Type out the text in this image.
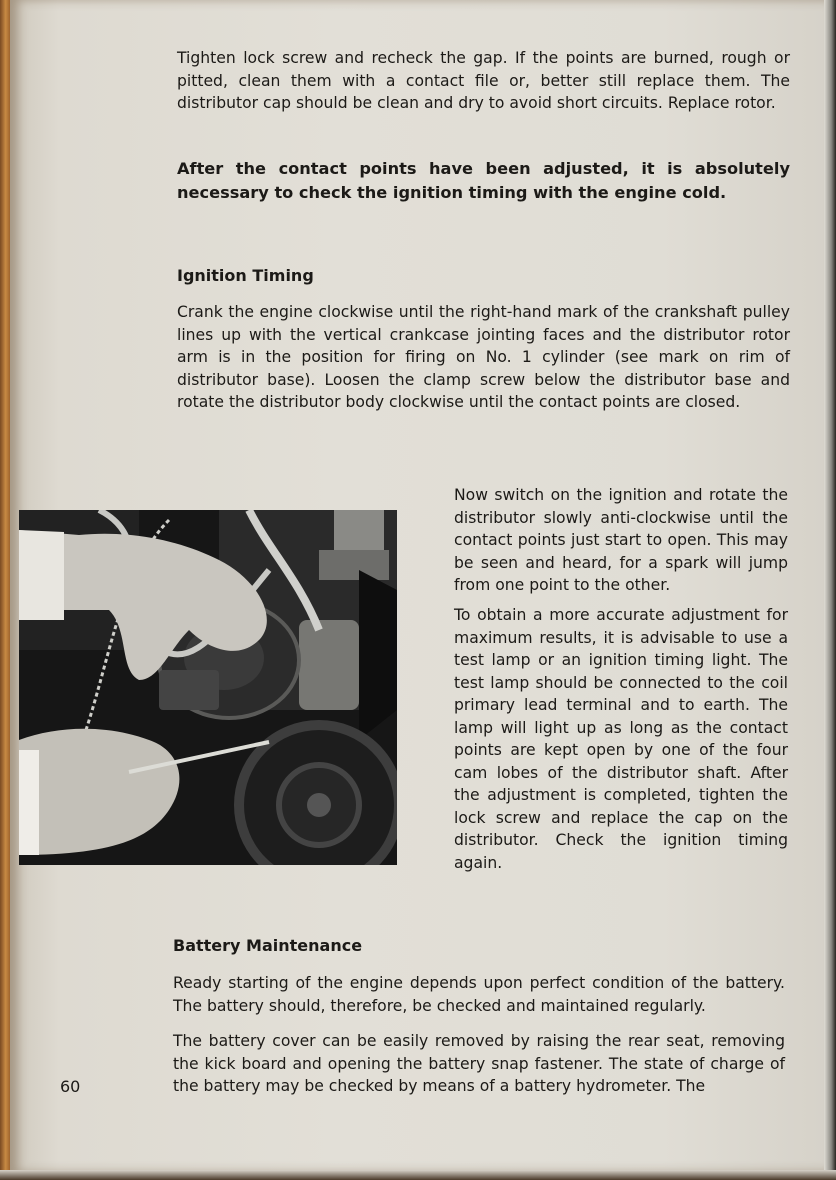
Tighten lock screw and recheck the gap. If the points are burned, rough or pitted, clean them with a contact file or, better still replace them. The distributor cap should be clean and dry to avoid short circuits. Replace rotor.

After the contact points have been adjusted, it is absolutely necessary to check the ignition timing with the engine cold.

Ignition Timing

Crank the engine clockwise until the right-hand mark of the crankshaft pulley lines up with the vertical crankcase jointing faces and the distributor rotor arm is in the position for firing on No. 1 cylinder (see mark on rim of distributor base). Loosen the clamp screw below the distributor base and rotate the distributor body clockwise until the contact points are closed.

Now switch on the ignition and rotate the distributor slowly anti-clockwise until the contact points just start to open. This may be seen and heard, for a spark will jump from one point to the other.

To obtain a more accurate adjustment for maximum results, it is advisable to use a test lamp or an ignition timing light. The test lamp should be connected to the coil primary lead terminal and to earth. The lamp will light up as long as the contact points are kept open by one of the four cam lobes of the distributor shaft. After the adjustment is completed, tighten the lock screw and replace the cap on the distributor. Check the ignition timing again.

Battery Maintenance

Ready starting of the engine depends upon perfect condition of the battery. The battery should, therefore, be checked and maintained regularly.

The battery cover can be easily removed by raising the rear seat, removing the kick board and opening the battery snap fastener. The state of charge of the battery may be checked by means of a battery hydrometer. The

60
